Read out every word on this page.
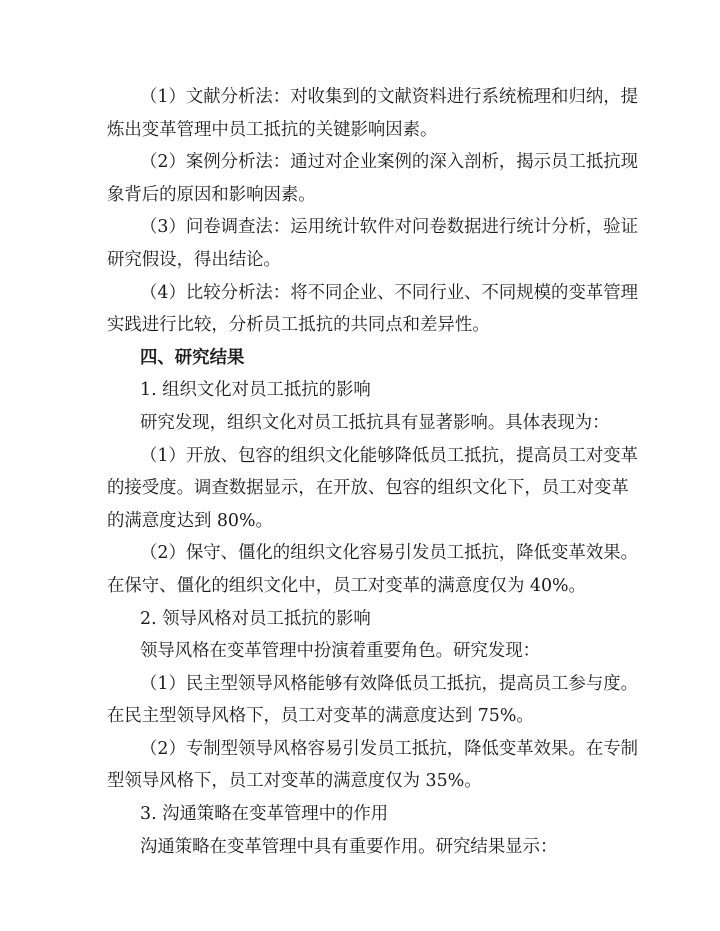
（1）文献分析法：对收集到的文献资料进行系统梳理和归纳，提
炼出变革管理中员工抵抗的关键影响因素。
（2）案例分析法：通过对企业案例的深入剖析，揭示员工抵抗现
象背后的原因和影响因素。
（3）问卷调查法：运用统计软件对问卷数据进行统计分析，验证
研究假设，得出结论。
（4）比较分析法：将不同企业、不同行业、不同规模的变革管理
实践进行比较，分析员工抵抗的共同点和差异性。
四、研究结果
1. 组织文化对员工抵抗的影响
研究发现，组织文化对员工抵抗具有显著影响。具体表现为：
（1）开放、包容的组织文化能够降低员工抵抗，提高员工对变革
的接受度。调查数据显示，在开放、包容的组织文化下，员工对变革
的满意度达到 80%。
（2）保守、僵化的组织文化容易引发员工抵抗，降低变革效果。
在保守、僵化的组织文化中，员工对变革的满意度仅为 40%。
2. 领导风格对员工抵抗的影响
领导风格在变革管理中扮演着重要角色。研究发现：
（1）民主型领导风格能够有效降低员工抵抗，提高员工参与度。
在民主型领导风格下，员工对变革的满意度达到 75%。
（2）专制型领导风格容易引发员工抵抗，降低变革效果。在专制
型领导风格下，员工对变革的满意度仅为 35%。
3. 沟通策略在变革管理中的作用
沟通策略在变革管理中具有重要作用。研究结果显示：
